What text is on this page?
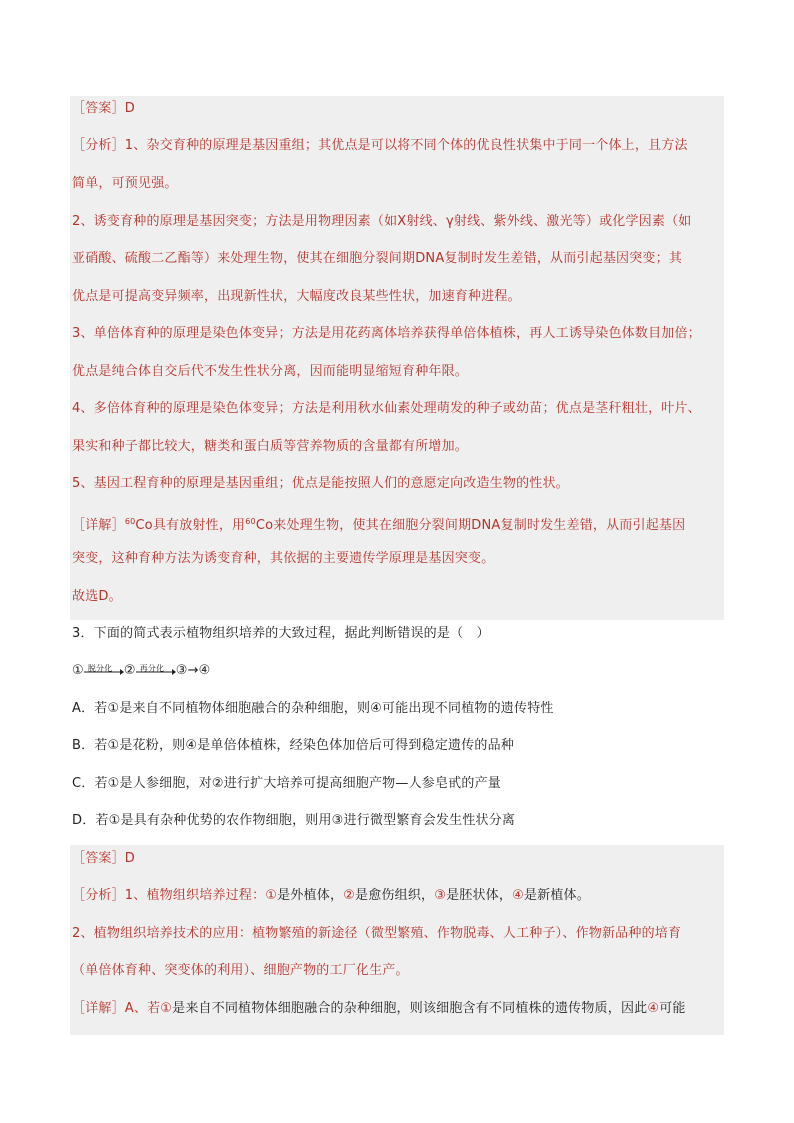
［答案］D
［分析］1、杂交育种的原理是基因重组；其优点是可以将不同个体的优良性状集中于同一个体上，且方法
简单，可预见强。
2、诱变育种的原理是基因突变；方法是用物理因素（如X射线、γ射线、紫外线、激光等）或化学因素（如
亚硝酸、硫酸二乙酯等）来处理生物，使其在细胞分裂间期DNA复制时发生差错，从而引起基因突变；其
优点是可提高变异频率，出现新性状，大幅度改良某些性状，加速育种进程。
3、单倍体育种的原理是染色体变异；方法是用花药离体培养获得单倍体植株，再人工诱导染色体数目加倍；
优点是纯合体自交后代不发生性状分离，因而能明显缩短育种年限。
4、多倍体育种的原理是染色体变异；方法是利用秋水仙素处理萌发的种子或幼苗；优点是茎秆粗壮，叶片、
果实和种子都比较大，糖类和蛋白质等营养物质的含量都有所增加。
5、基因工程育种的原理是基因重组；优点是能按照人们的意愿定向改造生物的性状。
［详解］$^{60}$Co具有放射性，用$^{60}$Co来处理生物，使其在细胞分裂间期DNA复制时发生差错，从而引起基因
突变，这种育种方法为诱变育种，其依据的主要遗传学原理是基因突变。
故选D。
3．下面的简式表示植物组织培养的大致过程，据此判断错误的是（　）
① 脱分化 ② 再分化 ③→④
A．若①是来自不同植物体细胞融合的杂种细胞，则④可能出现不同植物的遗传特性
B．若①是花粉，则④是单倍体植株，经染色体加倍后可得到稳定遗传的品种
C．若①是人参细胞，对②进行扩大培养可提高细胞产物—人参皂甙的产量
D．若①是具有杂种优势的农作物细胞，则用③进行微型繁育会发生性状分离
［答案］D
［分析］1、植物组织培养过程：①是外植体，②是愈伤组织，③是胚状体，④是新植体。
2、植物组织培养技术的应用：植物繁殖的新途径（微型繁殖、作物脱毒、人工种子）、作物新品种的培育
（单倍体育种、突变体的利用）、细胞产物的工厂化生产。
［详解］A、若①是来自不同植物体细胞融合的杂种细胞，则该细胞含有不同植株的遗传物质，因此④可能
